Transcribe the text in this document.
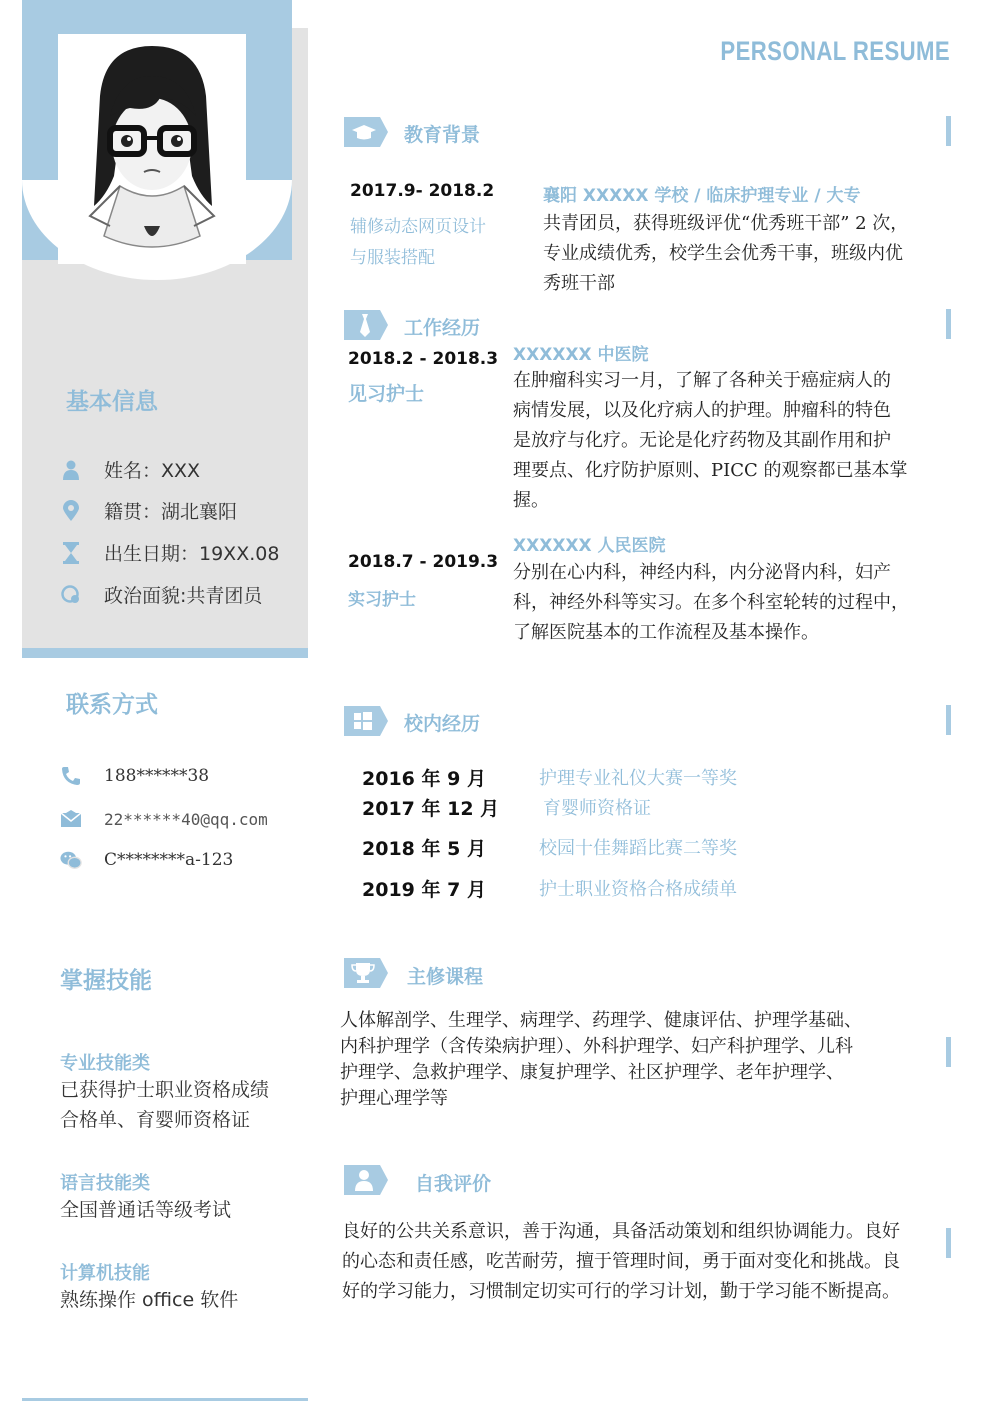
基本信息
姓名：XXX
籍贯：湖北襄阳
出生日期：19XX.08
政治面貌:共青团员
联系方式
188******38
22******40@qq.com
C********a-123
掌握技能
专业技能类
已获得护士职业资格成绩
合格单、育婴师资格证
语言技能类
全国普通话等级考试
计算机技能
熟练操作 office 软件
PERSONAL RESUME
教育背景
2017.9- 2018.2
辅修动态网页设计
与服装搭配
襄阳 XXXXX 学校 / 临床护理专业 / 大专
共青团员，获得班级评优“优秀班干部” 2 次，
专业成绩优秀，校学生会优秀干事，班级内优
秀班干部
工作经历
2018.2 - 2018.3
见习护士
XXXXXX 中医院
在肿瘤科实习一月，了解了各种关于癌症病人的
病情发展，以及化疗病人的护理。肿瘤科的特色
是放疗与化疗。无论是化疗药物及其副作用和护
理要点、化疗防护原则、PICC 的观察都已基本掌
握。
2018.7 - 2019.3
实习护士
XXXXXX 人民医院
分别在心内科，神经内科，内分泌肾内科，妇产
科，神经外科等实习。在多个科室轮转的过程中，
了解医院基本的工作流程及基本操作。
校内经历
2016 年 9 月	护理专业礼仪大赛一等奖
2017 年 12 月 育婴师资格证
2018 年 5 月	校园十佳舞蹈比赛二等奖
2019 年 7 月	护士职业资格合格成绩单
主修课程
人体解剖学、生理学、病理学、药理学、健康评估、护理学基础、
内科护理学（含传染病护理）、外科护理学、妇产科护理学、儿科
护理学、急救护理学、康复护理学、社区护理学、老年护理学、
护理心理学等
自我评价
良好的公共关系意识，善于沟通，具备活动策划和组织协调能力。良好
的心态和责任感，吃苦耐劳，擅于管理时间，勇于面对变化和挑战。良
好的学习能力，习惯制定切实可行的学习计划，勤于学习能不断提高。
